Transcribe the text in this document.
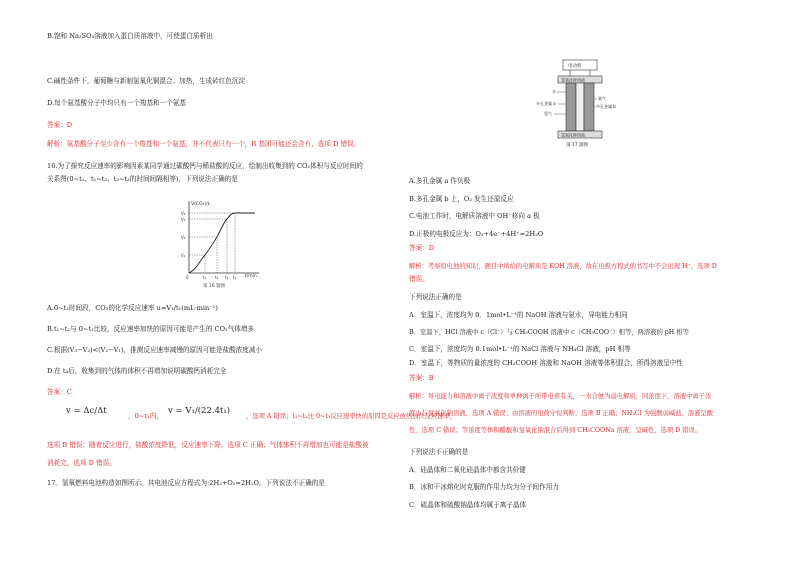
B.饱和 Na₂SO₄溶液加入蛋白质溶液中，可使蛋白质析出
C.碱性条件下，葡萄糖与新制氢氧化铜混合、加热，生成砖红色沉淀
D.每个氨基酸分子中均只有一个羧基和一个氨基
答案：D
解析：氨基酸分子至少含有一个羧基和一个氨基，并不代表只有一个，R 基团可能还会含有，选项 D 错误。
16.为了探究反应速率的影响因素某同学通过碳酸钙与稀盐酸的反应，绘制出收集到的 CO₂体积与反应时间的
关系图(0~t₁、t₁~t₂、t₂~t₃的时间间隔相等)，下列说法正确的是
V(CO₂)/L
t/min
V₄
V₃
V₂
V₁
0	t₁ t₂ t₃ t₄
第 16 题图
A.0~t₁时间段，CO₂的化学反应速率 u=V₁/t₁(mL·min⁻¹)
B.t₁~t₂与 0~t₁比较，反应速率加快的原因可能是产生的 CO₂气体增多
C.根据(V₃−V₂)<(V₂−V₁)，推测反应速率减慢的原因可能是盐酸浓度减小
D.在 t₄后，收集到的气体的体积不再增加说明碳酸钙消耗完全
答案：C
v = Δc/Δt	，0~t₁内， v = V₁/(22.4t₁)
，选项 A 错误；t₁~t₂比 0~t₁反应速率快的原因是反应放热加快反应速率，
选项 B 错误；随着反应进行，盐酸浓度降低，反应速率下降，选项 C 正确；气体体积不再增加也可能是盐酸被
消耗完，选项 D 错误。
17．氢氧燃料电池构造如图所示。其电池反应方程式为:2H₂+O₂=2H₂O。下列说法不正确的是
电动机
氢氧化钾溶液
氢氧化钾溶液
水
多孔金属 a
氢气
氧气
多孔金属 b
第 17 题图
A.多孔金属 a 作负极
B.多孔金属 b 上，O₂ 发生还原反应
C.电池工作时，电解质溶液中 OH⁻移向 a 极
D.正极的电极反应为：O₂+4e⁻+4H⁺=2H₂O
答案：D
解析：考察原电池的知识，题目中所给的电解质是 KOH 溶液，故在电极方程式的书写中不会出现 H⁺，选项 D
错误。
下列说法正确的是
A．室温下，浓度均为 0．1mol•L⁻¹的 NaOH 溶液与氨水，导电能力相同
B．室温下，HCl 溶液中 c（Cl⁻）与 CH₃COOH 溶液中 c（CH₃COO⁻）相等，两溶液的 pH 相等
C．室温下，浓度均为 0.1mol•L⁻¹的 NaCl 溶液与 NH₄Cl 溶液，pH 相等
D．室温下，等物质的量浓度的 CH₃COOH 溶液和 NaOH 溶液等体积混合，所得溶液呈中性
答案：B
解析：导电能力和溶液中离子浓度和单种离子所带电荷有关，一水合氨为弱电解质，同浓度下，溶液中离子浓
度小与氢氧化钠溶液，选项 A 错误；由溶液的电荷守恒判断，选项 B 正确；NH₄Cl 为强酸弱碱盐，溶液呈酸
性，选项 C 错误；等浓度等体积醋酸和氢氧化钠混合后得到 CH₃COONa 溶液，呈碱性，选项 D 错误。
下列说法不正确的是
A．硅晶体和二氧化硅晶体中都含共价键
B．冰和干冰熔化时克服的作用力均为分子间作用力
C．硫晶体和硫酸钠晶体均属于离子晶体
